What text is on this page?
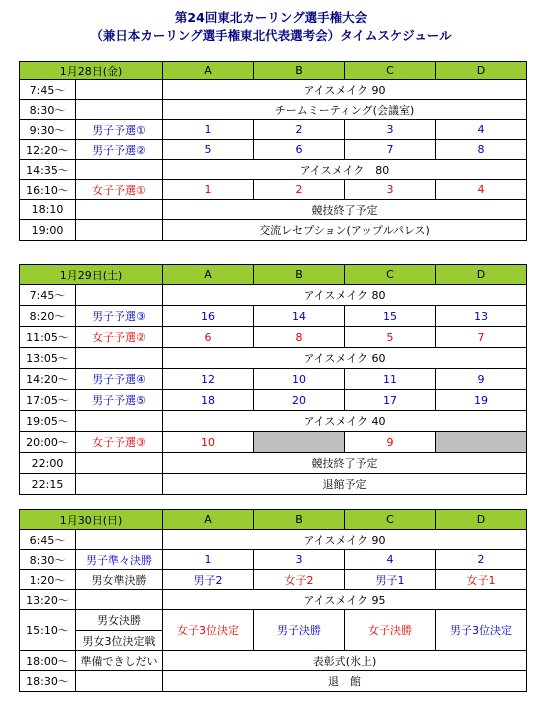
第24回東北カーリング選手権大会
（兼日本カーリング選手権東北代表選考会）タイムスケジュール
1月28日(金)		A	B	C	D
7:45～		アイスメイク 90			
8:30～		チームミーティング(会議室)			
9:30～	男子予選①	1	2	3	4
12:20～	男子予選②	5	6	7	8
14:35～		アイスメイク　80			
16:10～	女子予選①	1	2	3	4
18:10		競技終了予定			
19:00		交流レセプション(アップルパレス)			
1月29日(土)		A	B	C	D
7:45～		アイスメイク 80			
8:20～	男子予選③	16	14	15	13
11:05～	女子予選②	6	8	5	7
13:05～		アイスメイク 60			
14:20～	男子予選④	12	10	11	9
17:05～	男子予選⑤	18	20	17	19
19:05～		アイスメイク 40			
20:00～	女子予選③	10		9	
22:00		競技終了予定			
22:15		退館予定			
1月30日(日)		A	B	C	D
6:45～		アイスメイク 90			
8:30～	男子準々決勝	1	3	4	2
1:20～	男女準決勝	男子2	女子2	男子1	女子1
13:20～		アイスメイク 95			
15:10～	男女決勝	女子3位決定	男子決勝	女子決勝	男子3位決定
	男女3位決定戦				
18:00～	準備できしだい	表彰式(氷上)			
18:30～		退　館			
